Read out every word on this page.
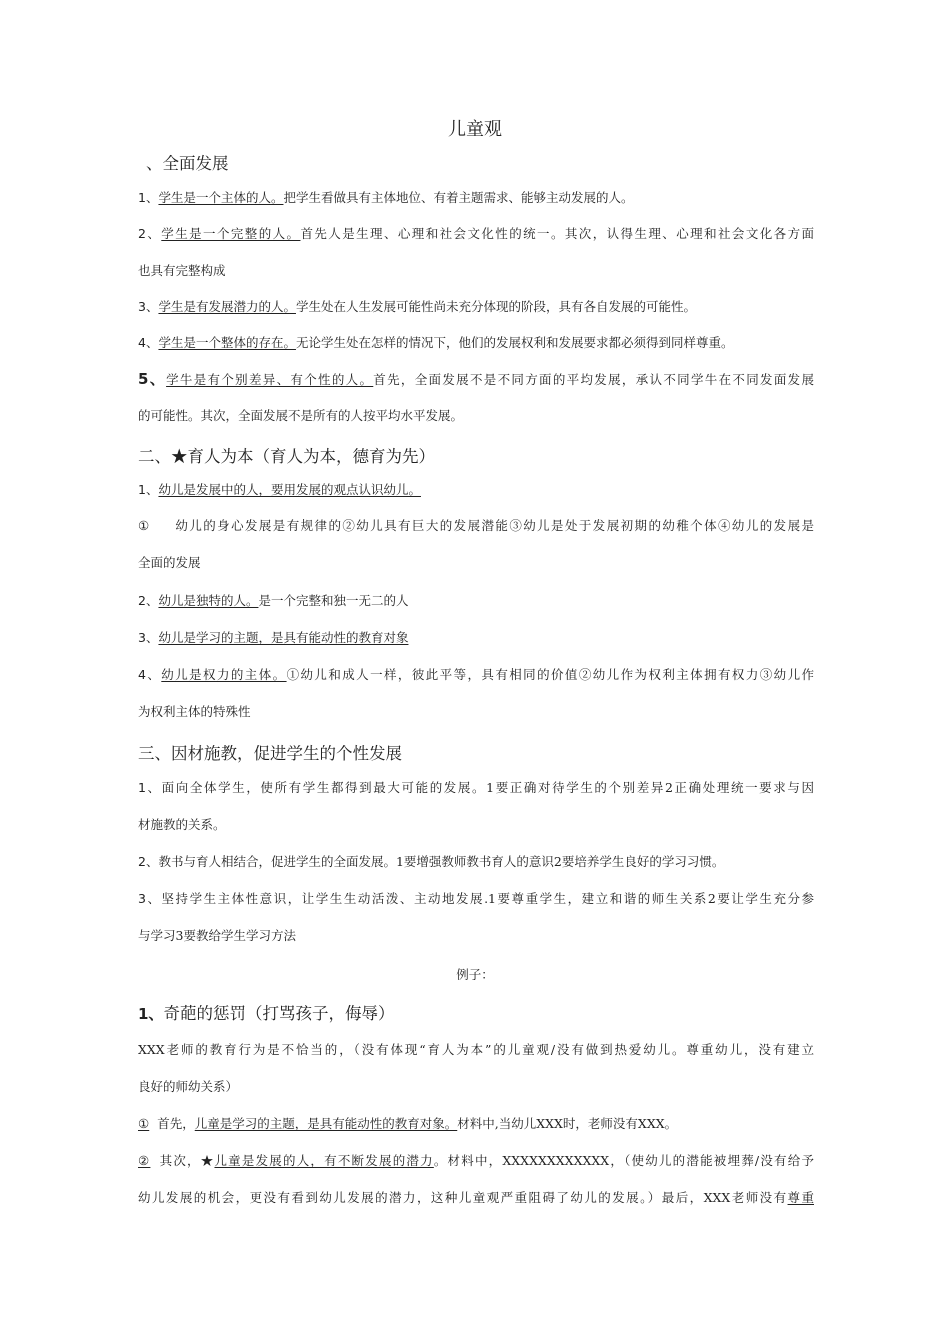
儿童观
、全面发展
1、学生是一个主体的人。把学生看做具有主体地位、有着主题需求、能够主动发展的人。
2、学生是一个完整的人。首先人是生理、心理和社会文化性的统一。其次，认得生理、心理和社会文化各方面
也具有完整构成
3、学生是有发展潜力的人。学生处在人生发展可能性尚未充分体现的阶段，具有各自发展的可能性。
4、学生是一个整体的存在。无论学生处在怎样的情况下，他们的发展权利和发展要求都必须得到同样尊重。
5、学牛是有个别差异、有个性的人。首先，全面发展不是不同方面的平均发展，承认不同学牛在不同发面发展
的可能性。其次，全面发展不是所有的人按平均水平发展。
二、★育人为本（育人为本，德育为先）
1、幼儿是发展中的人，要用发展的观点认识幼儿。
① 幼儿的身心发展是有规律的②幼儿具有巨大的发展潜能③幼儿是处于发展初期的幼稚个体④幼儿的发展是
全面的发展
2、幼儿是独特的人。是一个完整和独一无二的人
3、幼儿是学习的主题，是具有能动性的教育对象
4、幼儿是权力的主体。①幼儿和成人一样，彼此平等，具有相同的价值②幼儿作为权利主体拥有权力③幼儿作
为权利主体的特殊性
三、因材施教，促进学生的个性发展
1、面向全体学生，使所有学生都得到最大可能的发展。1要正确对待学生的个别差异2正确处理统一要求与因
材施教的关系。
2、教书与育人相结合，促进学生的全面发展。1要增强教师教书育人的意识2要培养学生良好的学习习惯。
3、坚持学生主体性意识，让学生生动活泼、主动地发展.1要尊重学生，建立和谐的师生关系2要让学生充分参
与学习3要教给学生学习方法
例子：
1、奇葩的惩罚（打骂孩子，侮辱）
XXX老师的教育行为是不恰当的，（没有体现“育人为本”的儿童观/没有做到热爱幼儿。尊重幼儿，没有建立
良好的师幼关系）
① 首先，儿童是学习的主题，是具有能动性的教育对象。材料中,当幼儿XXX时，老师没有XXX。
② 其次，★儿童是发展的人，有不断发展的潜力。材料中，XXXXXXXXXXXX，（使幼儿的潜能被埋葬/没有给予
幼儿发展的机会，更没有看到幼儿发展的潜力，这种儿童观严重阻碍了幼儿的发展。）最后，XXX老师没有尊重
